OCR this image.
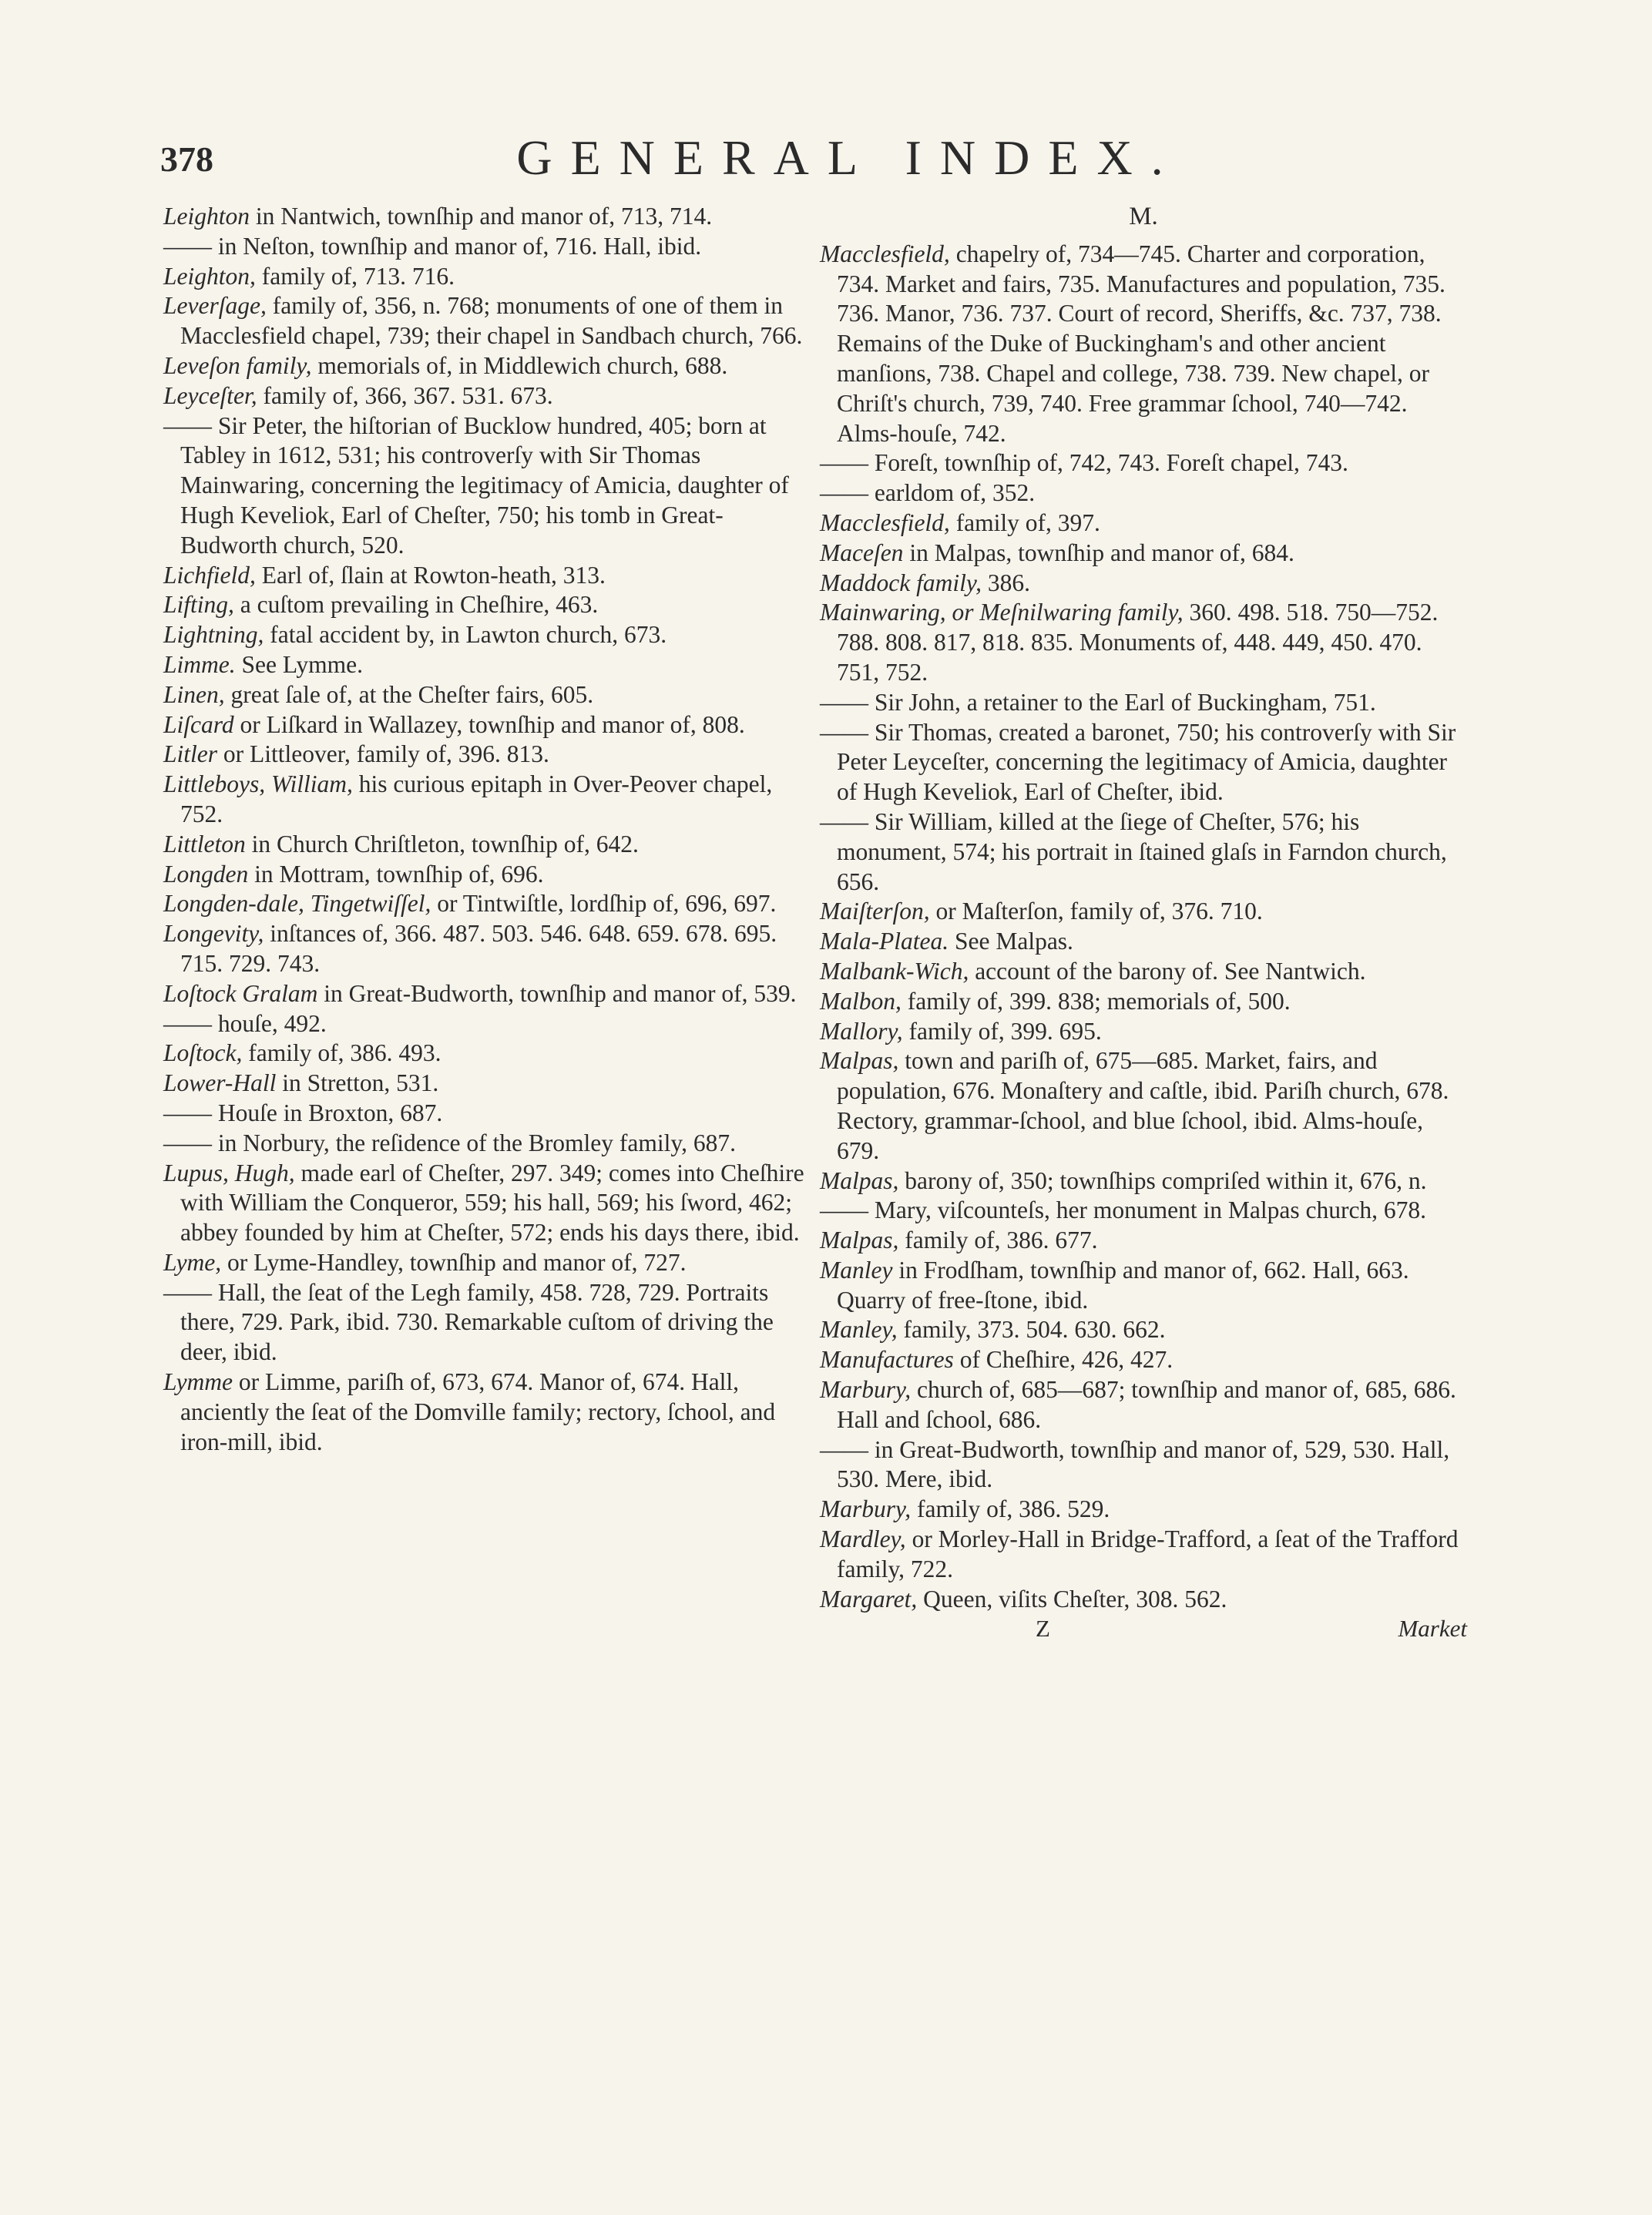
378	GENERAL INDEX.

Leighton in Nantwich, townſhip and manor of, 713, 714.

—— in Neſton, townſhip and manor of, 716. Hall, ibid.

Leighton, family of, 713. 716.

Leverſage, family of, 356, n. 768; monuments of one of them in Macclesfield chapel, 739; their chapel in Sandbach church, 766.

Leveſon family, memorials of, in Middlewich church, 688.

Leyceſter, family of, 366, 367. 531. 673.

—— Sir Peter, the hiſtorian of Bucklow hundred, 405; born at Tabley in 1612, 531; his controverſy with Sir Thomas Mainwaring, concerning the legitimacy of Amicia, daughter of Hugh Keveliok, Earl of Cheſter, 750; his tomb in Great-Budworth church, 520.

Lichfield, Earl of, ſlain at Rowton-heath, 313.

Lifting, a cuſtom prevailing in Cheſhire, 463.

Lightning, fatal accident by, in Lawton church, 673.

Limme. See Lymme.

Linen, great ſale of, at the Cheſter fairs, 605.

Liſcard or Liſkard in Wallazey, townſhip and manor of, 808.

Litler or Littleover, family of, 396. 813.

Littleboys, William, his curious epitaph in Over-Peover chapel, 752.

Littleton in Church Chriſtleton, townſhip of, 642.

Longden in Mottram, townſhip of, 696.

Longden-dale, Tingetwiſſel, or Tintwiſtle, lordſhip of, 696, 697.

Longevity, inſtances of, 366. 487. 503. 546. 648. 659. 678. 695. 715. 729. 743.

Loſtock Gralam in Great-Budworth, townſhip and manor of, 539.

—— houſe, 492.

Loſtock, family of, 386. 493.

Lower-Hall in Stretton, 531.

—— Houſe in Broxton, 687.

—— in Norbury, the reſidence of the Bromley family, 687.

Lupus, Hugh, made earl of Cheſter, 297. 349; comes into Cheſhire with William the Conqueror, 559; his hall, 569; his ſword, 462; abbey founded by him at Cheſter, 572; ends his days there, ibid.

Lyme, or Lyme-Handley, townſhip and manor of, 727.

—— Hall, the ſeat of the Legh family, 458. 728, 729. Portraits there, 729. Park, ibid. 730. Remarkable cuſtom of driving the deer, ibid.

Lymme or Limme, pariſh of, 673, 674. Manor of, 674. Hall, anciently the ſeat of the Domville family; rectory, ſchool, and iron-mill, ibid.

M.

Macclesfield, chapelry of, 734—745. Charter and corporation, 734. Market and fairs, 735. Manufactures and population, 735. 736. Manor, 736. 737. Court of record, Sheriffs, &c. 737, 738. Remains of the Duke of Buckingham's and other ancient manſions, 738. Chapel and college, 738. 739. New chapel, or Chriſt's church, 739, 740. Free grammar ſchool, 740—742. Alms-houſe, 742.

—— Foreſt, townſhip of, 742, 743. Foreſt chapel, 743.

—— earldom of, 352.

Macclesfield, family of, 397.

Maceſen in Malpas, townſhip and manor of, 684.

Maddock family, 386.

Mainwaring, or Meſnilwaring family, 360. 498. 518. 750—752. 788. 808. 817, 818. 835. Monuments of, 448. 449, 450. 470. 751, 752.

—— Sir John, a retainer to the Earl of Buckingham, 751.

—— Sir Thomas, created a baronet, 750; his controverſy with Sir Peter Leyceſter, concerning the legitimacy of Amicia, daughter of Hugh Keveliok, Earl of Cheſter, ibid.

—— Sir William, killed at the ſiege of Cheſter, 576; his monument, 574; his portrait in ſtained glaſs in Farndon church, 656.

Maiſterſon, or Maſterſon, family of, 376. 710.

Mala-Platea. See Malpas.

Malbank-Wich, account of the barony of. See Nantwich.

Malbon, family of, 399. 838; memorials of, 500.

Mallory, family of, 399. 695.

Malpas, town and pariſh of, 675—685. Market, fairs, and population, 676. Monaſtery and caſtle, ibid. Pariſh church, 678. Rectory, grammar-ſchool, and blue ſchool, ibid. Alms-houſe, 679.

Malpas, barony of, 350; townſhips compriſed within it, 676, n.

—— Mary, viſcounteſs, her monument in Malpas church, 678.

Malpas, family of, 386. 677.

Manley in Frodſham, townſhip and manor of, 662. Hall, 663. Quarry of free-ſtone, ibid.

Manley, family, 373. 504. 630. 662.

Manufactures of Cheſhire, 426, 427.

Marbury, church of, 685—687; townſhip and manor of, 685, 686. Hall and ſchool, 686.

—— in Great-Budworth, townſhip and manor of, 529, 530. Hall, 530. Mere, ibid.

Marbury, family of, 386. 529.

Mardley, or Morley-Hall in Bridge-Trafford, a ſeat of the Trafford family, 722.

Margaret, Queen, viſits Cheſter, 308. 562.

Z	Market
